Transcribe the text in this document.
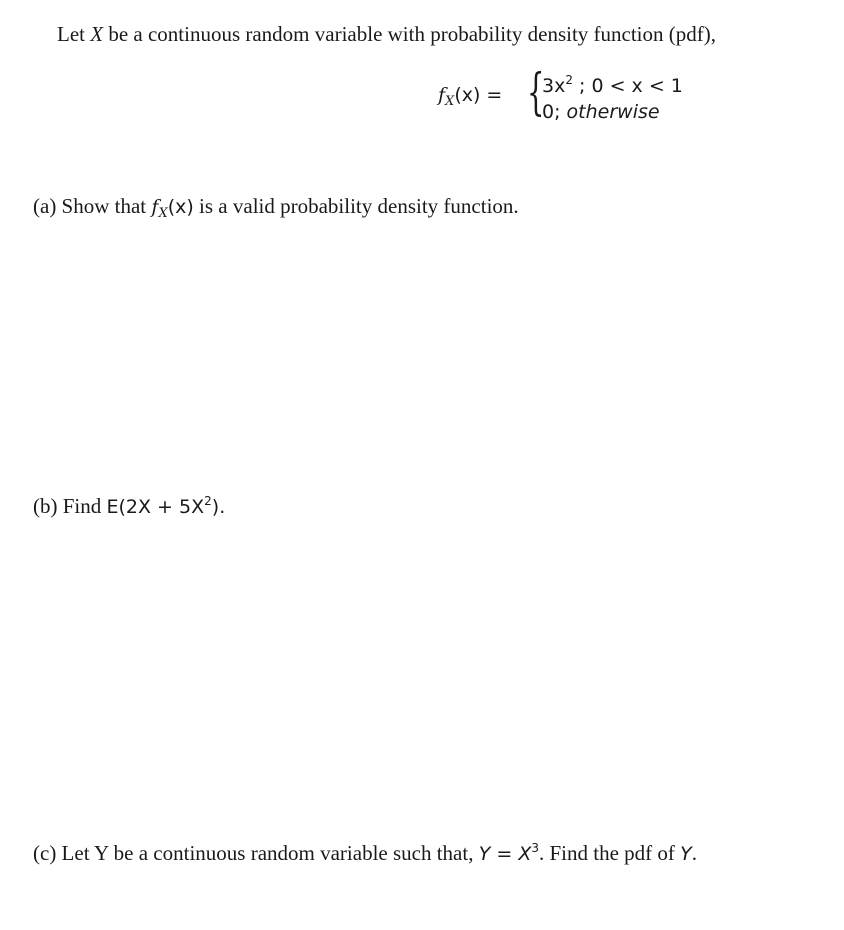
Let X be a continuous random variable with probability density function (pdf),
$f_X(x)$ = {
$3x^2$ ; 0 < x < 1
0; otherwise
(a) Show that $f_X(x)$ is a valid probability density function.
(b) Find $E(2X + 5X^2)$.
(c) Let Y be a continuous random variable such that, $Y = X^3$. Find the pdf of Y.
